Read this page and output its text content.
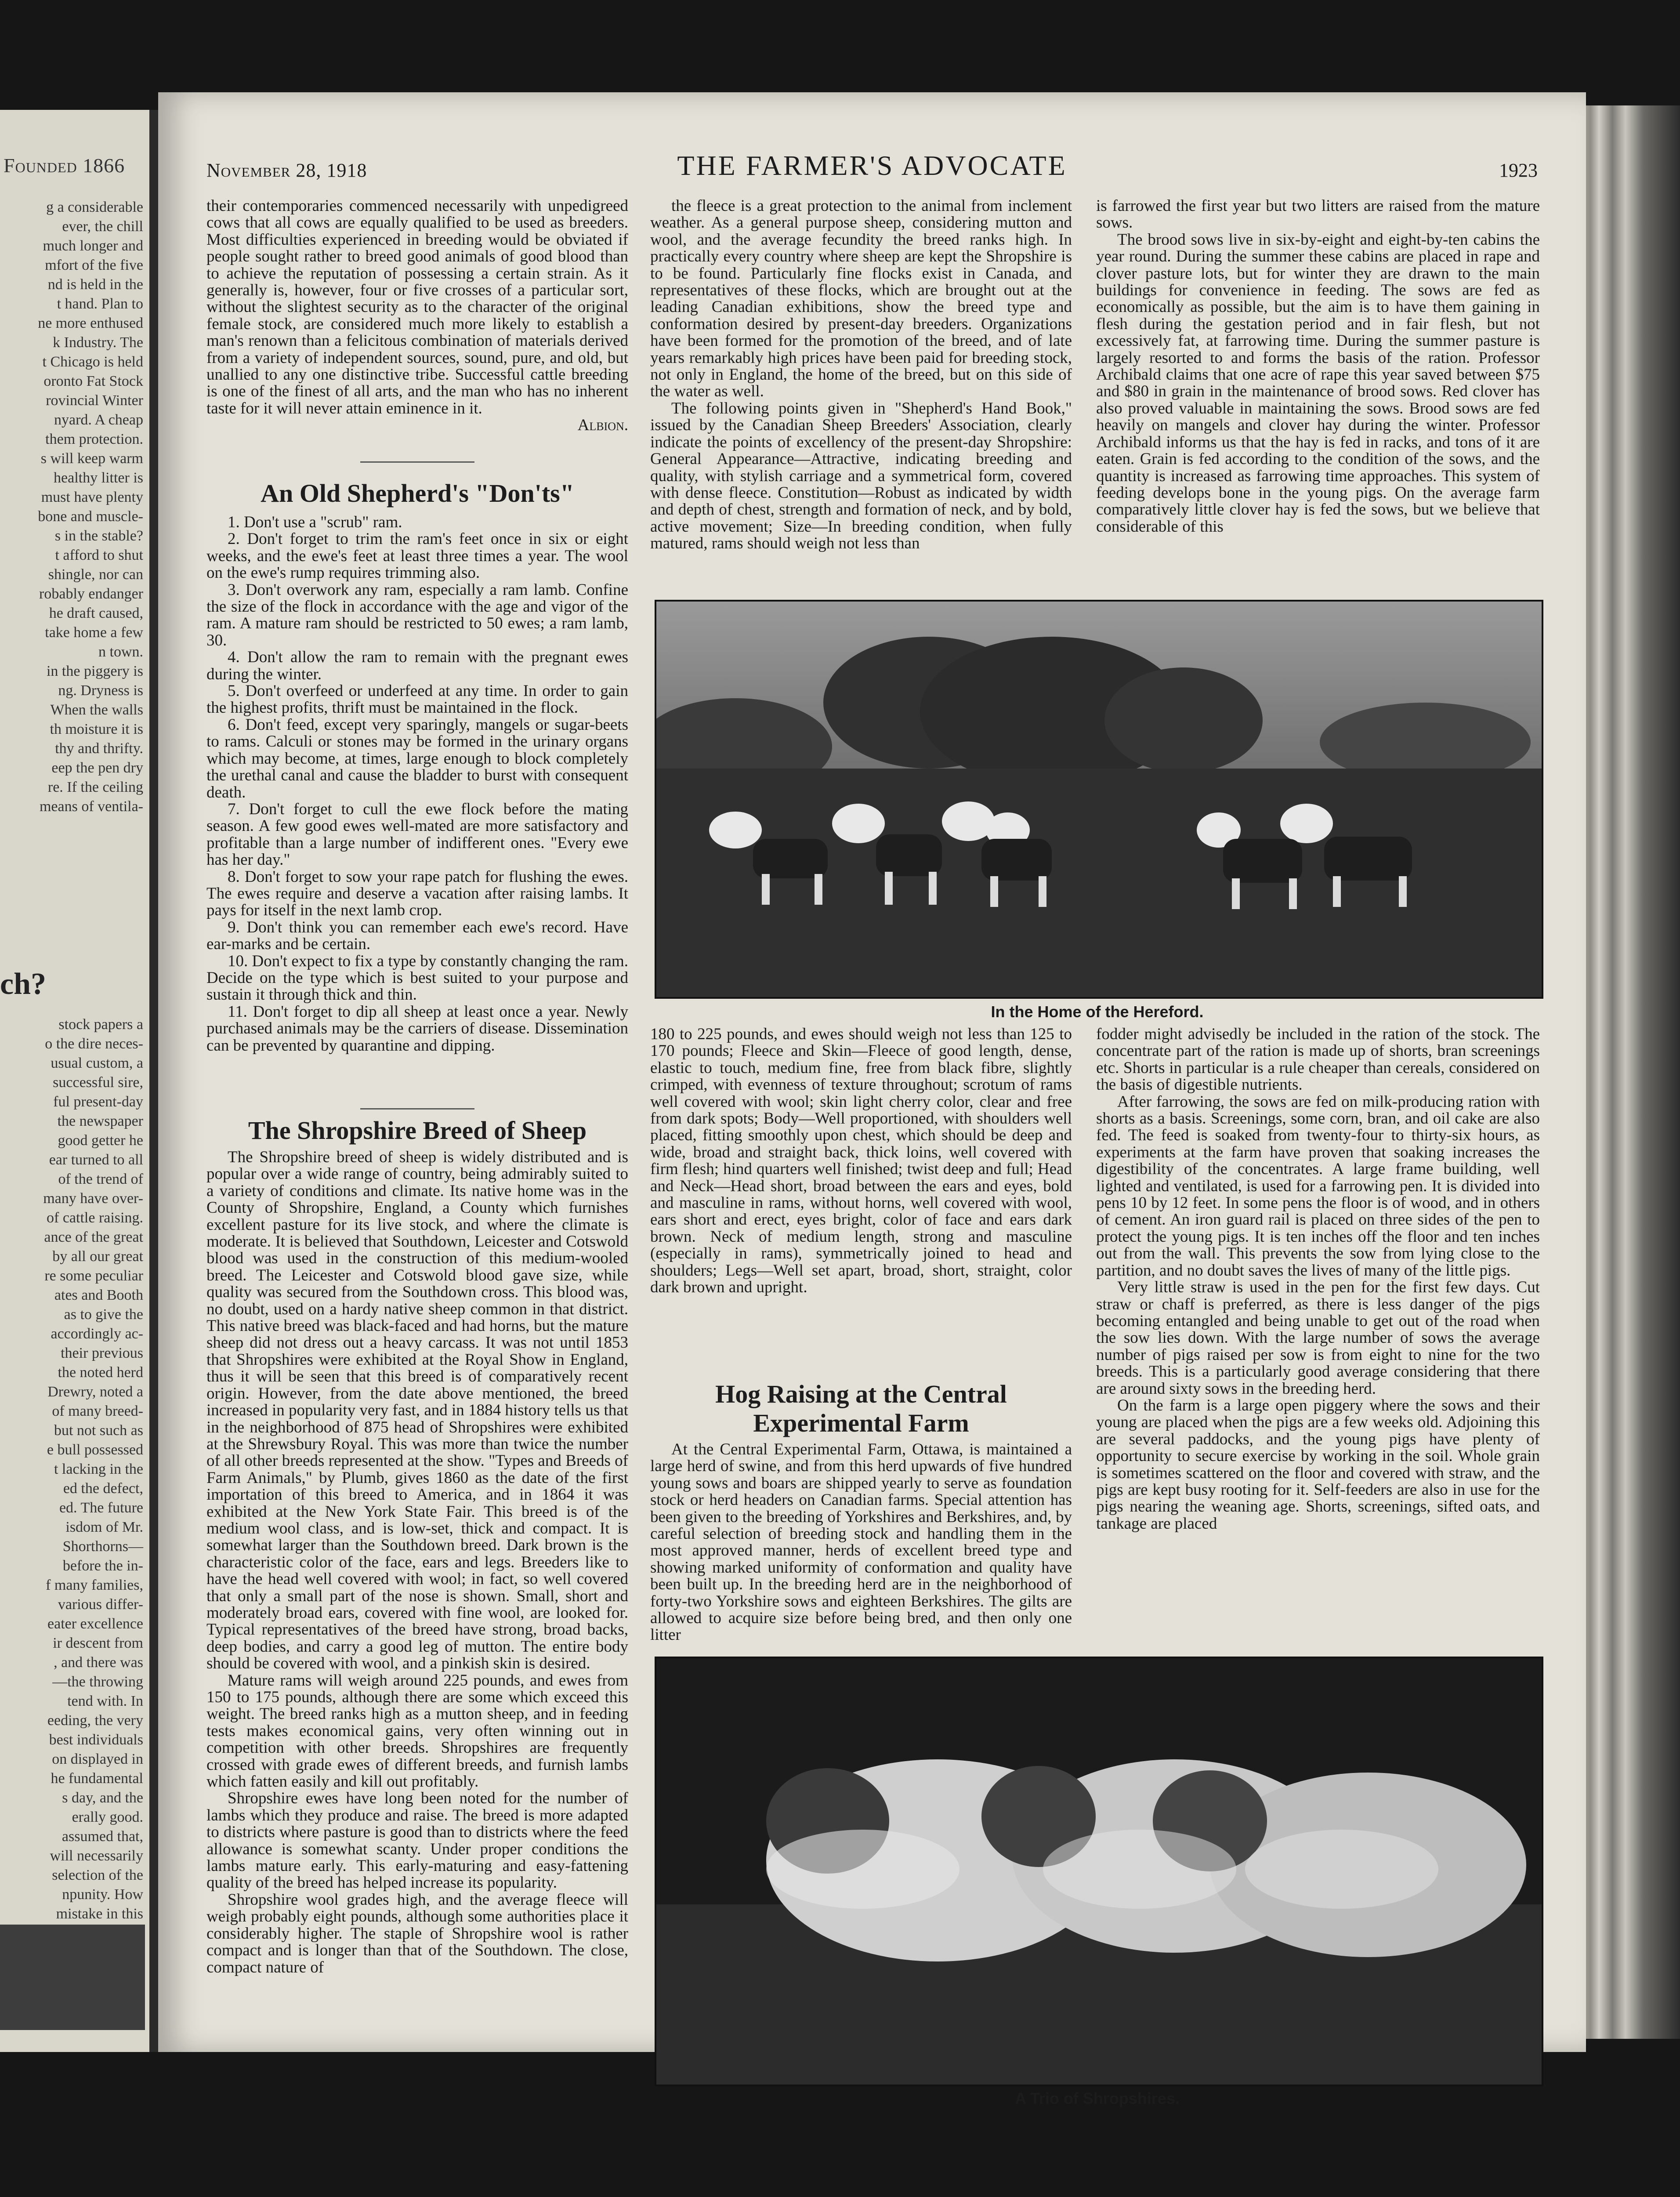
Founded 1866
g a considerable
ever, the chill
much longer and
mfort of the five
nd is held in the
t hand. Plan to
ne more enthused
k Industry. The
t Chicago is held
oronto Fat Stock
rovincial Winter
nyard. A cheap
them protection.
s will keep warm
healthy litter is
must have plenty
bone and muscle-
s in the stable?
t afford to shut
shingle, nor can
robably endanger
he draft caused,
take home a few
n town.
in the piggery is
ng. Dryness is
When the walls
th moisture it is
thy and thrifty.
eep the pen dry
re. If the ceiling
means of ventila-
ch?
stock papers a
o the dire neces-
usual custom, a
successful sire,
ful present-day
the newspaper
good getter he
ear turned to all
of the trend of
many have over-
of cattle raising.
ance of the great
by all our great
re some peculiar
ates and Booth
as to give the
accordingly ac-
their previous
the noted herd
Drewry, noted a
of many breed-
but not such as
e bull possessed
t lacking in the
ed the defect,
ed. The future
isdom of Mr.
Shorthorns—
before the in-
f many families,
various differ-
eater excellence
ir descent from
, and there was
—the throwing
tend with. In
eeding, the very
best individuals
on displayed in
he fundamental
s day, and the
erally good.
assumed that,
will necessarily
selection of the
npunity. How
mistake in this
November 28, 1918	THE FARMER'S ADVOCATE	1923

their contemporaries commenced necessarily with unpedigreed cows that all cows are equally qualified to be used as breeders. Most difficulties experienced in breeding would be obviated if people sought rather to breed good animals of good blood than to achieve the reputation of possessing a certain strain. As it generally is, however, four or five crosses of a particular sort, without the slightest security as to the character of the original female stock, are considered much more likely to establish a man's renown than a felicitous combination of materials derived from a variety of independent sources, sound, pure, and old, but unallied to any one distinctive tribe. Successful cattle breeding is one of the finest of all arts, and the man who has no inherent taste for it will never attain eminence in it.

Albion.

An Old Shepherd's "Don'ts"
1. Don't use a "scrub" ram.
2. Don't forget to trim the ram's feet once in six or eight weeks, and the ewe's feet at least three times a year. The wool on the ewe's rump requires trimming also.
3. Don't overwork any ram, especially a ram lamb. Confine the size of the flock in accordance with the age and vigor of the ram. A mature ram should be restricted to 50 ewes; a ram lamb, 30.
4. Don't allow the ram to remain with the pregnant ewes during the winter.
5. Don't overfeed or underfeed at any time. In order to gain the highest profits, thrift must be maintained in the flock.
6. Don't feed, except very sparingly, mangels or sugar-beets to rams. Calculi or stones may be formed in the urinary organs which may become, at times, large enough to block completely the urethal canal and cause the bladder to burst with consequent death.
7. Don't forget to cull the ewe flock before the mating season. A few good ewes well-mated are more satisfactory and profitable than a large number of indifferent ones. "Every ewe has her day."
8. Don't forget to sow your rape patch for flushing the ewes. The ewes require and deserve a vacation after raising lambs. It pays for itself in the next lamb crop.
9. Don't think you can remember each ewe's record. Have ear-marks and be certain.
10. Don't expect to fix a type by constantly changing the ram. Decide on the type which is best suited to your purpose and sustain it through thick and thin.
11. Don't forget to dip all sheep at least once a year. Newly purchased animals may be the carriers of disease. Dissemination can be prevented by quarantine and dipping.
The Shropshire Breed of Sheep

The Shropshire breed of sheep is widely distributed and is popular over a wide range of country, being admirably suited to a variety of conditions and climate. Its native home was in the County of Shropshire, England, a County which furnishes excellent pasture for its live stock, and where the climate is moderate. It is believed that Southdown, Leicester and Cotswold blood was used in the construction of this medium-wooled breed. The Leicester and Cotswold blood gave size, while quality was secured from the Southdown cross. This blood was, no doubt, used on a hardy native sheep common in that district. This native breed was black-faced and had horns, but the mature sheep did not dress out a heavy carcass. It was not until 1853 that Shropshires were exhibited at the Royal Show in England, thus it will be seen that this breed is of comparatively recent origin. However, from the date above mentioned, the breed increased in popularity very fast, and in 1884 history tells us that in the neighborhood of 875 head of Shropshires were exhibited at the Shrewsbury Royal. This was more than twice the number of all other breeds represented at the show. "Types and Breeds of Farm Animals," by Plumb, gives 1860 as the date of the first importation of this breed to America, and in 1864 it was exhibited at the New York State Fair. This breed is of the medium wool class, and is low-set, thick and compact. It is somewhat larger than the Southdown breed. Dark brown is the characteristic color of the face, ears and legs. Breeders like to have the head well covered with wool; in fact, so well covered that only a small part of the nose is shown. Small, short and moderately broad ears, covered with fine wool, are looked for. Typical representatives of the breed have strong, broad backs, deep bodies, and carry a good leg of mutton. The entire body should be covered with wool, and a pinkish skin is desired.

Mature rams will weigh around 225 pounds, and ewes from 150 to 175 pounds, although there are some which exceed this weight. The breed ranks high as a mutton sheep, and in feeding tests makes economical gains, very often winning out in competition with other breeds. Shropshires are frequently crossed with grade ewes of different breeds, and furnish lambs which fatten easily and kill out profitably.

Shropshire ewes have long been noted for the number of lambs which they produce and raise. The breed is more adapted to districts where pasture is good than to districts where the feed allowance is somewhat scanty. Under proper conditions the lambs mature early. This early-maturing and easy-fattening quality of the breed has helped increase its popularity.

Shropshire wool grades high, and the average fleece will weigh probably eight pounds, although some authorities place it considerably higher. The staple of Shropshire wool is rather compact and is longer than that of the Southdown. The close, compact nature of

the fleece is a great protection to the animal from inclement weather. As a general purpose sheep, considering mutton and wool, and the average fecundity the breed ranks high. In practically every country where sheep are kept the Shropshire is to be found. Particularly fine flocks exist in Canada, and representatives of these flocks, which are brought out at the leading Canadian exhibitions, show the breed type and conformation desired by present-day breeders. Organizations have been formed for the promotion of the breed, and of late years remarkably high prices have been paid for breeding stock, not only in England, the home of the breed, but on this side of the water as well.

The following points given in "Shepherd's Hand Book," issued by the Canadian Sheep Breeders' Association, clearly indicate the points of excellency of the present-day Shropshire: General Appearance—Attractive, indicating breeding and quality, with stylish carriage and a symmetrical form, covered with dense fleece. Constitution—Robust as indicated by width and depth of chest, strength and formation of neck, and by bold, active movement; Size—In breeding condition, when fully matured, rams should weigh not less than

is farrowed the first year but two litters are raised from the mature sows.

The brood sows live in six-by-eight and eight-by-ten cabins the year round. During the summer these cabins are placed in rape and clover pasture lots, but for winter they are drawn to the main buildings for convenience in feeding. The sows are fed as economically as possible, but the aim is to have them gaining in flesh during the gestation period and in fair flesh, but not excessively fat, at farrowing time. During the summer pasture is largely resorted to and forms the basis of the ration. Professor Archibald claims that one acre of rape this year saved between $75 and $80 in grain in the maintenance of brood sows. Red clover has also proved valuable in maintaining the sows. Brood sows are fed heavily on mangels and clover hay during the winter. Professor Archibald informs us that the hay is fed in racks, and tons of it are eaten. Grain is fed according to the condition of the sows, and the quantity is increased as farrowing time approaches. This system of feeding develops bone in the young pigs. On the average farm comparatively little clover hay is fed the sows, but we believe that considerable of this

In the Home of the Hereford.

180 to 225 pounds, and ewes should weigh not less than 125 to 170 pounds; Fleece and Skin—Fleece of good length, dense, elastic to touch, medium fine, free from black fibre, slightly crimped, with evenness of texture throughout; scrotum of rams well covered with wool; skin light cherry color, clear and free from dark spots; Body—Well proportioned, with shoulders well placed, fitting smoothly upon chest, which should be deep and wide, broad and straight back, thick loins, well covered with firm flesh; hind quarters well finished; twist deep and full; Head and Neck—Head short, broad between the ears and eyes, bold and masculine in rams, without horns, well covered with wool, ears short and erect, eyes bright, color of face and ears dark brown. Neck of medium length, strong and masculine (especially in rams), symmetrically joined to head and shoulders; Legs—Well set apart, broad, short, straight, color dark brown and upright.

Hog Raising at the Central Experimental Farm

At the Central Experimental Farm, Ottawa, is maintained a large herd of swine, and from this herd upwards of five hundred young sows and boars are shipped yearly to serve as foundation stock or herd headers on Canadian farms. Special attention has been given to the breeding of Yorkshires and Berkshires, and, by careful selection of breeding stock and handling them in the most approved manner, herds of excellent breed type and showing marked uniformity of conformation and quality have been built up. In the breeding herd are in the neighborhood of forty-two Yorkshire sows and eighteen Berkshires. The gilts are allowed to acquire size before being bred, and then only one litter

fodder might advisedly be included in the ration of the stock. The concentrate part of the ration is made up of shorts, bran screenings etc. Shorts in particular is a rule cheaper than cereals, considered on the basis of digestible nutrients.

After farrowing, the sows are fed on milk-producing ration with shorts as a basis. Screenings, some corn, bran, and oil cake are also fed. The feed is soaked from twenty-four to thirty-six hours, as experiments at the farm have proven that soaking increases the digestibility of the concentrates. A large frame building, well lighted and ventilated, is used for a farrowing pen. It is divided into pens 10 by 12 feet. In some pens the floor is of wood, and in others of cement. An iron guard rail is placed on three sides of the pen to protect the young pigs. It is ten inches off the floor and ten inches out from the wall. This prevents the sow from lying close to the partition, and no doubt saves the lives of many of the little pigs.

Very little straw is used in the pen for the first few days. Cut straw or chaff is preferred, as there is less danger of the pigs becoming entangled and being unable to get out of the road when the sow lies down. With the large number of sows the average number of pigs raised per sow is from eight to nine for the two breeds. This is a particularly good average considering that there are around sixty sows in the breeding herd.

On the farm is a large open piggery where the sows and their young are placed when the pigs are a few weeks old. Adjoining this are several paddocks, and the young pigs have plenty of opportunity to secure exercise by working in the soil. Whole grain is sometimes scattered on the floor and covered with straw, and the pigs are kept busy rooting for it. Self-feeders are also in use for the pigs nearing the weaning age. Shorts, screenings, sifted oats, and tankage are placed

A Trio of Shropshires.
